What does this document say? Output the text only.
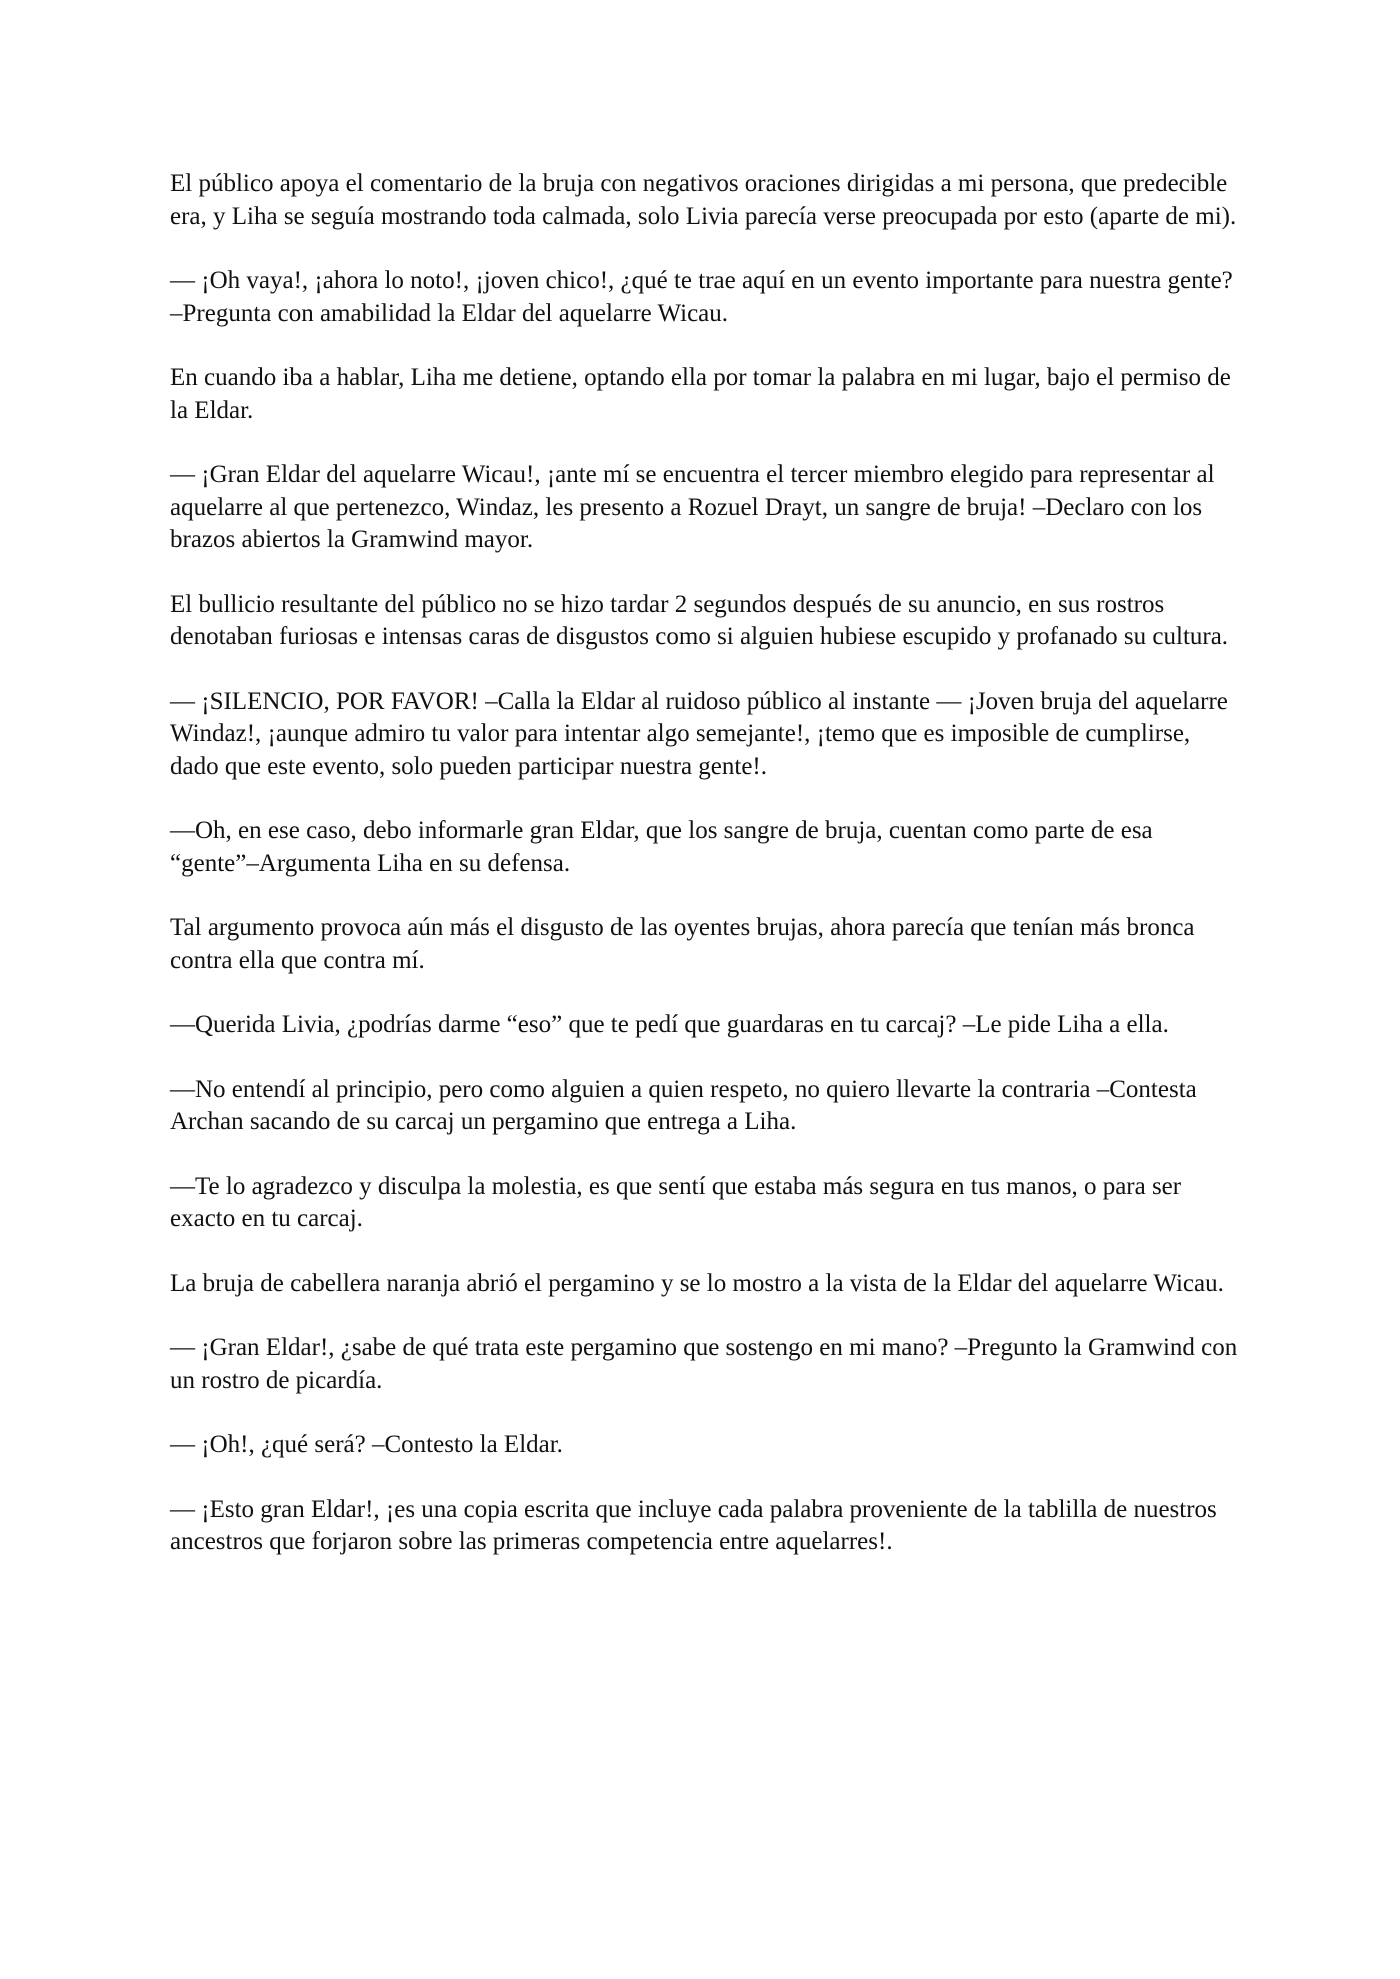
El público apoya el comentario de la bruja con negativos oraciones dirigidas a mi persona, que predecible era, y Liha se seguía mostrando toda calmada, solo Livia parecía verse preocupada por esto (aparte de mi).

— ¡Oh vaya!, ¡ahora lo noto!, ¡joven chico!, ¿qué te trae aquí en un evento importante para nuestra gente? –Pregunta con amabilidad la Eldar del aquelarre Wicau.

En cuando iba a hablar, Liha me detiene, optando ella por tomar la palabra en mi lugar, bajo el permiso de la Eldar.

— ¡Gran Eldar del aquelarre Wicau!, ¡ante mí se encuentra el tercer miembro elegido para representar al aquelarre al que pertenezco, Windaz, les presento a Rozuel Drayt, un sangre de bruja! –Declaro con los brazos abiertos la Gramwind mayor.

El bullicio resultante del público no se hizo tardar 2 segundos después de su anuncio, en sus rostros denotaban furiosas e intensas caras de disgustos como si alguien hubiese escupido y profanado su cultura.

— ¡SILENCIO, POR FAVOR! –Calla la Eldar al ruidoso público al instante — ¡Joven bruja del aquelarre Windaz!, ¡aunque admiro tu valor para intentar algo semejante!, ¡temo que es imposible de cumplirse, dado que este evento, solo pueden participar nuestra gente!.

—Oh, en ese caso, debo informarle gran Eldar, que los sangre de bruja, cuentan como parte de esa “gente”–Argumenta Liha en su defensa.

Tal argumento provoca aún más el disgusto de las oyentes brujas, ahora parecía que tenían más bronca contra ella que contra mí.

—Querida Livia, ¿podrías darme “eso” que te pedí que guardaras en tu carcaj? –Le pide Liha a ella.

—No entendí al principio, pero como alguien a quien respeto, no quiero llevarte la contraria –Contesta Archan sacando de su carcaj un pergamino que entrega a Liha.

—Te lo agradezco y disculpa la molestia, es que sentí que estaba más segura en tus manos, o para ser exacto en tu carcaj.

La bruja de cabellera naranja abrió el pergamino y se lo mostro a la vista de la Eldar del aquelarre Wicau.

— ¡Gran Eldar!, ¿sabe de qué trata este pergamino que sostengo en mi mano? –Pregunto la Gramwind con un rostro de picardía.

— ¡Oh!, ¿qué será? –Contesto la Eldar.

— ¡Esto gran Eldar!, ¡es una copia escrita que incluye cada palabra proveniente de la tablilla de nuestros ancestros que forjaron sobre las primeras competencia entre aquelarres!.
